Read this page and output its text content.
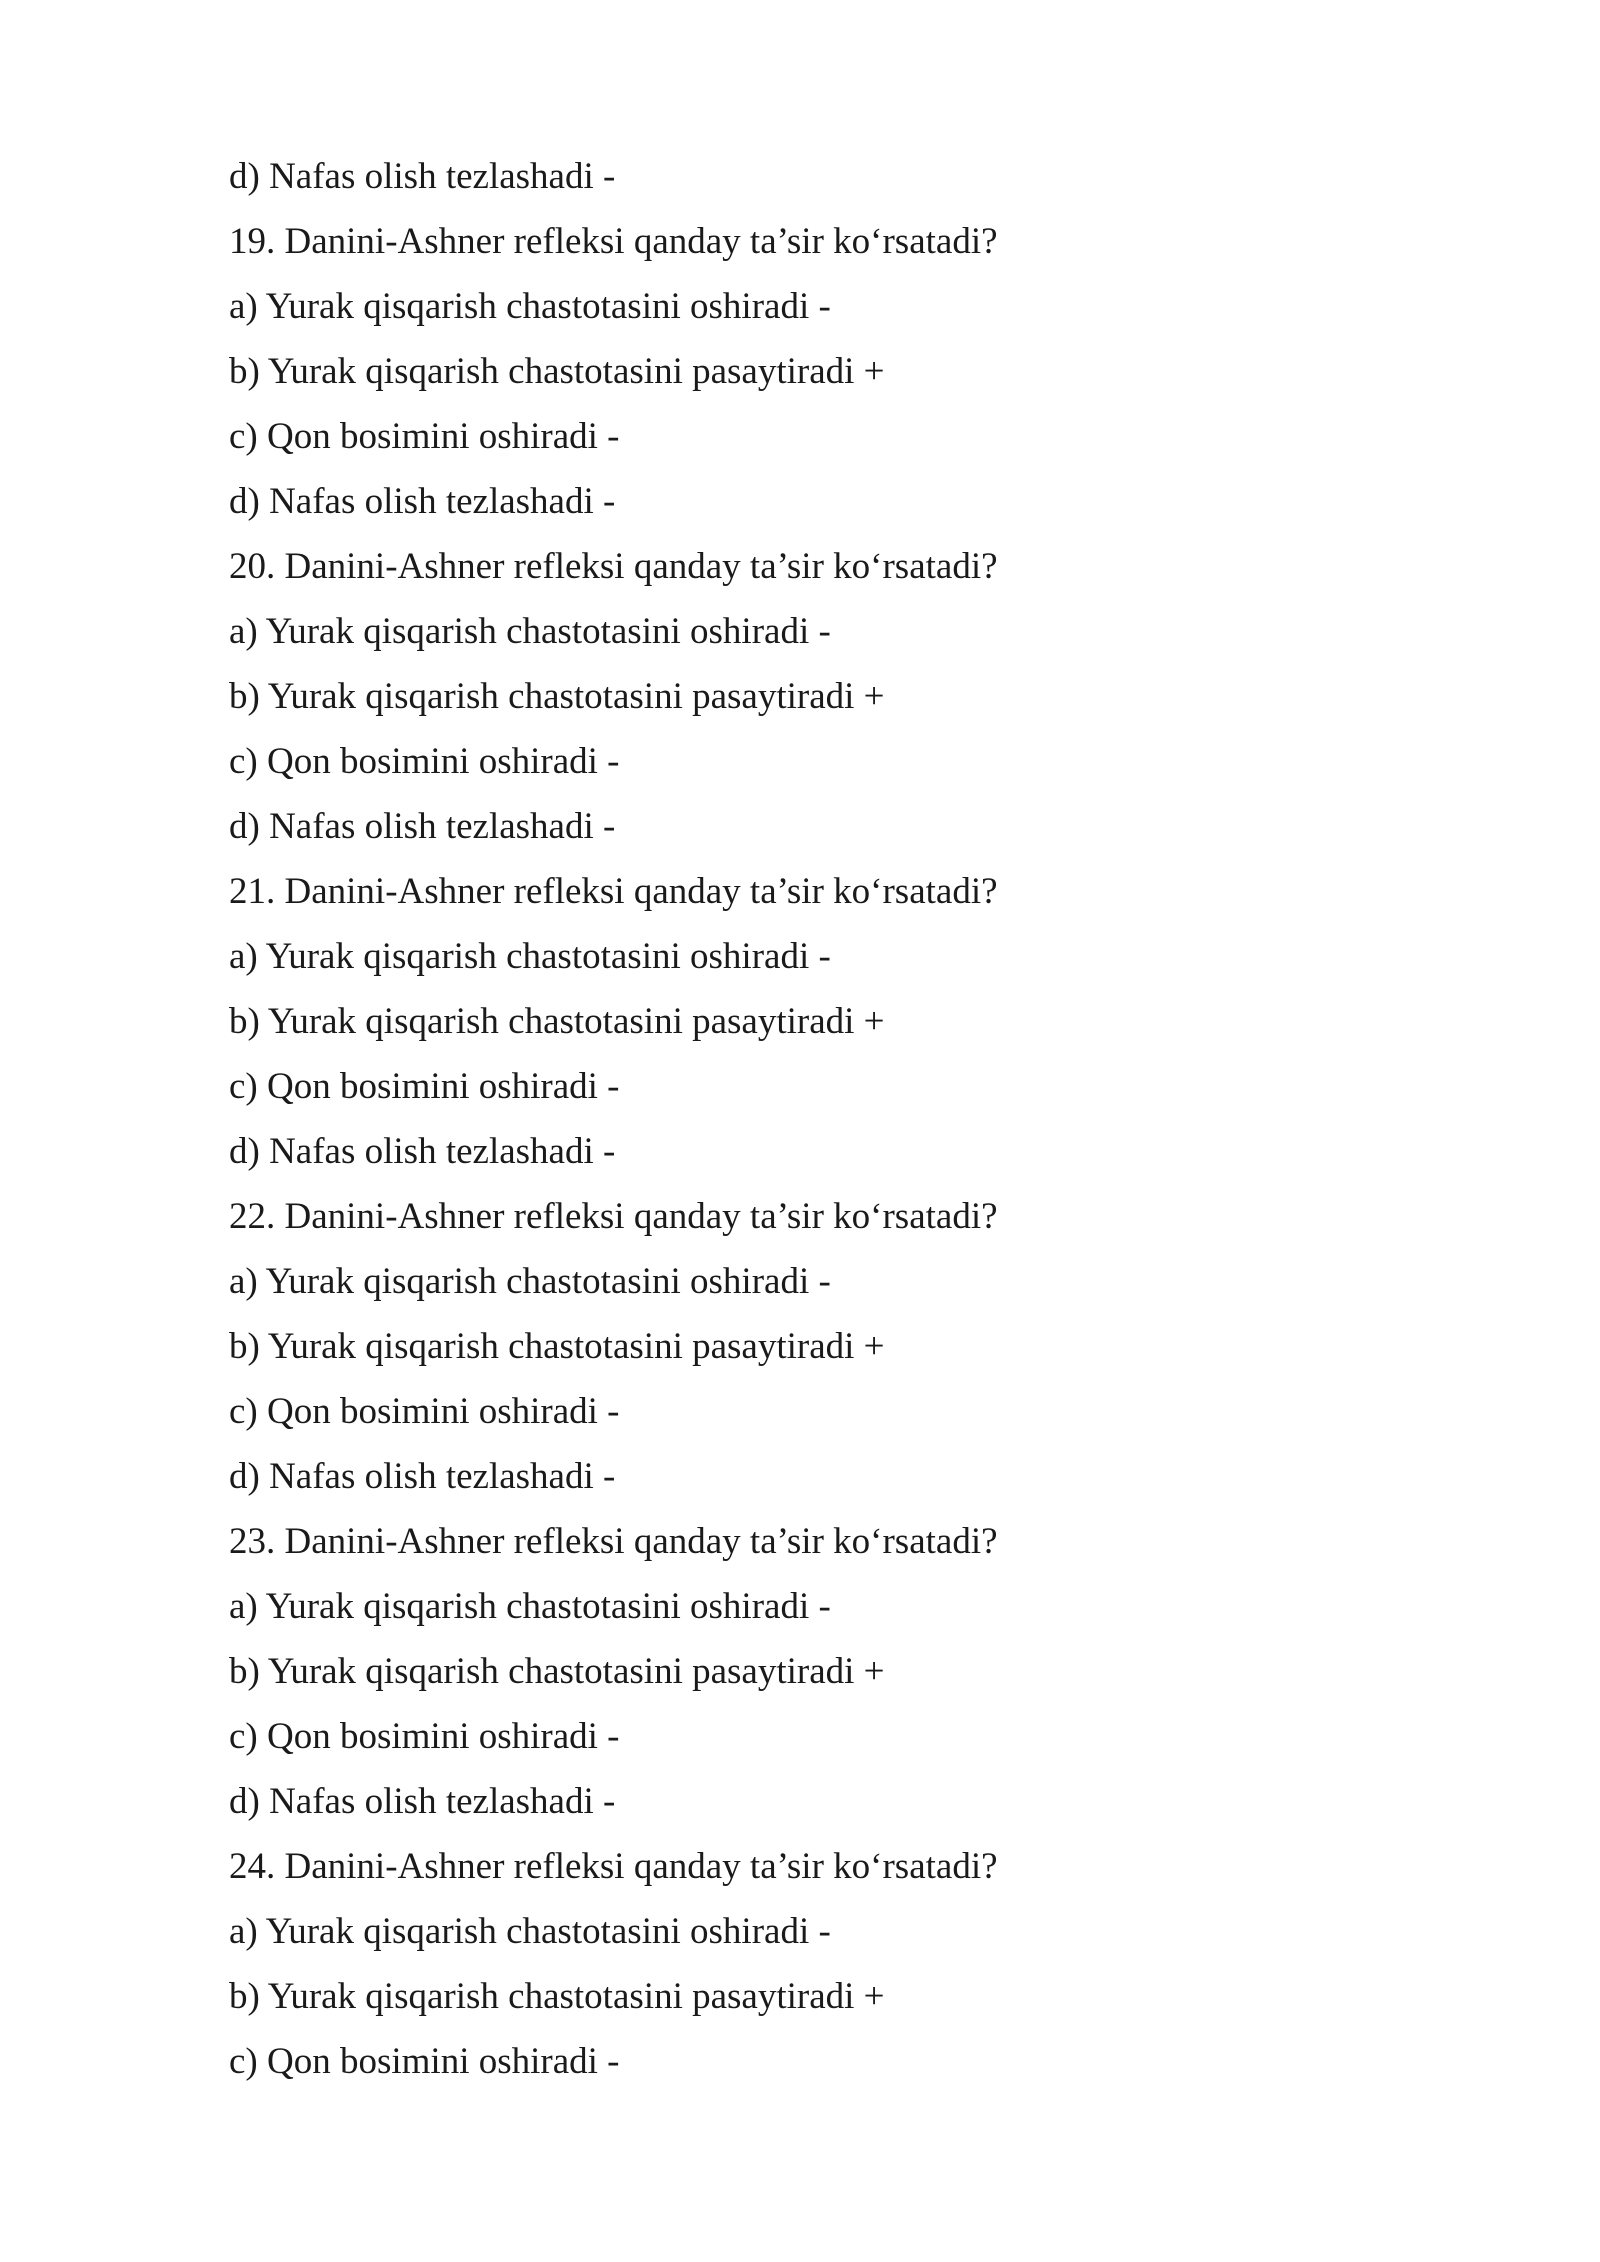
d) Nafas olish tezlashadi -
19. Danini-Ashner refleksi qanday ta’sir ko‘rsatadi?
a) Yurak qisqarish chastotasini oshiradi -
b) Yurak qisqarish chastotasini pasaytiradi +
c) Qon bosimini oshiradi -
d) Nafas olish tezlashadi -
20. Danini-Ashner refleksi qanday ta’sir ko‘rsatadi?
a) Yurak qisqarish chastotasini oshiradi -
b) Yurak qisqarish chastotasini pasaytiradi +
c) Qon bosimini oshiradi -
d) Nafas olish tezlashadi -
21. Danini-Ashner refleksi qanday ta’sir ko‘rsatadi?
a) Yurak qisqarish chastotasini oshiradi -
b) Yurak qisqarish chastotasini pasaytiradi +
c) Qon bosimini oshiradi -
d) Nafas olish tezlashadi -
22. Danini-Ashner refleksi qanday ta’sir ko‘rsatadi?
a) Yurak qisqarish chastotasini oshiradi -
b) Yurak qisqarish chastotasini pasaytiradi +
c) Qon bosimini oshiradi -
d) Nafas olish tezlashadi -
23. Danini-Ashner refleksi qanday ta’sir ko‘rsatadi?
a) Yurak qisqarish chastotasini oshiradi -
b) Yurak qisqarish chastotasini pasaytiradi +
c) Qon bosimini oshiradi -
d) Nafas olish tezlashadi -
24. Danini-Ashner refleksi qanday ta’sir ko‘rsatadi?
a) Yurak qisqarish chastotasini oshiradi -
b) Yurak qisqarish chastotasini pasaytiradi +
c) Qon bosimini oshiradi -
